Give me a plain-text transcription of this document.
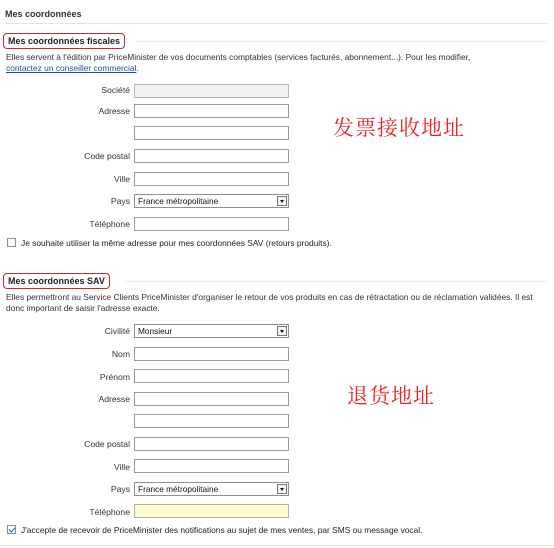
Mes coordonnées
Mes coordonnées fiscales
Elles servent à l'édition par PriceMinister de vos documents comptables (services facturés, abonnement...). Pour les modifier,
contactez un conseiller commercial.
Société
Adresse
Code postal
Ville
Pays France métropolitaine
Téléphone
Je souhaite utiliser la même adresse pour mes coordonnées SAV (retours produits).
发票接收地址
Mes coordonnées SAV
Elles permettront au Service Clients PriceMinister d'organiser le retour de vos produits en cas de rétractation ou de réclamation validées. Il est donc important de saisir l'adresse exacte.
Civilité Monsieur
Nom
Prénom
Adresse
Code postal
Ville
Pays France métropolitaine
Téléphone
J'accepte de recevoir de PriceMinister des notifications au sujet de mes ventes, par SMS ou message vocal.
退货地址
